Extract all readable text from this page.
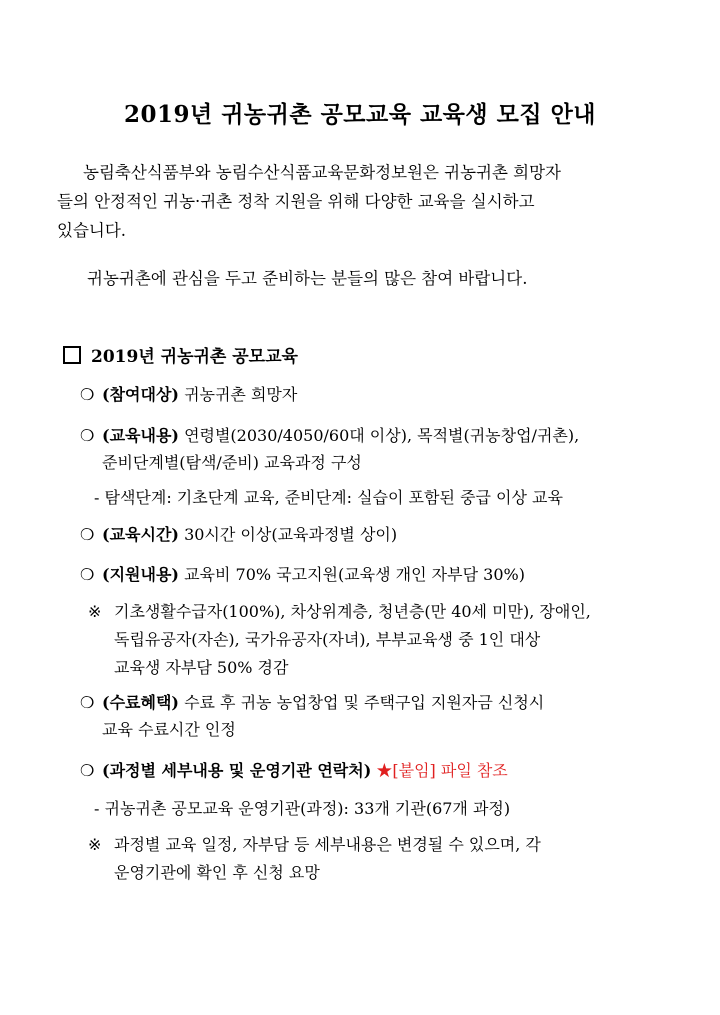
2019년 귀농귀촌 공모교육 교육생 모집 안내
농림축산식품부와 농림수산식품교육문화정보원은 귀농귀촌 희망자
들의 안정적인 귀농·귀촌 정착 지원을 위해 다양한 교육을 실시하고
있습니다.
귀농귀촌에 관심을 두고 준비하는 분들의 많은 참여 바랍니다.
2019년 귀농귀촌 공모교육
❍ (참여대상) 귀농귀촌 희망자
❍ (교육내용) 연령별(2030/4050/60대 이상), 목적별(귀농창업/귀촌),
준비단계별(탐색/준비) 교육과정 구성
- 탐색단계: 기초단계 교육, 준비단계: 실습이 포함된 중급 이상 교육
❍ (교육시간) 30시간 이상(교육과정별 상이)
❍ (지원내용) 교육비 70% 국고지원(교육생 개인 자부담 30%)
※ 기초생활수급자(100%), 차상위계층, 청년층(만 40세 미만), 장애인,
독립유공자(자손), 국가유공자(자녀), 부부교육생 중 1인 대상
교육생 자부담 50% 경감
❍ (수료혜택) 수료 후 귀농 농업창업 및 주택구입 지원자금 신청시
교육 수료시간 인정
❍ (과정별 세부내용 및 운영기관 연락처) ★[붙임] 파일 참조
- 귀농귀촌 공모교육 운영기관(과정): 33개 기관(67개 과정)
※ 과정별 교육 일정, 자부담 등 세부내용은 변경될 수 있으며, 각
운영기관에 확인 후 신청 요망
